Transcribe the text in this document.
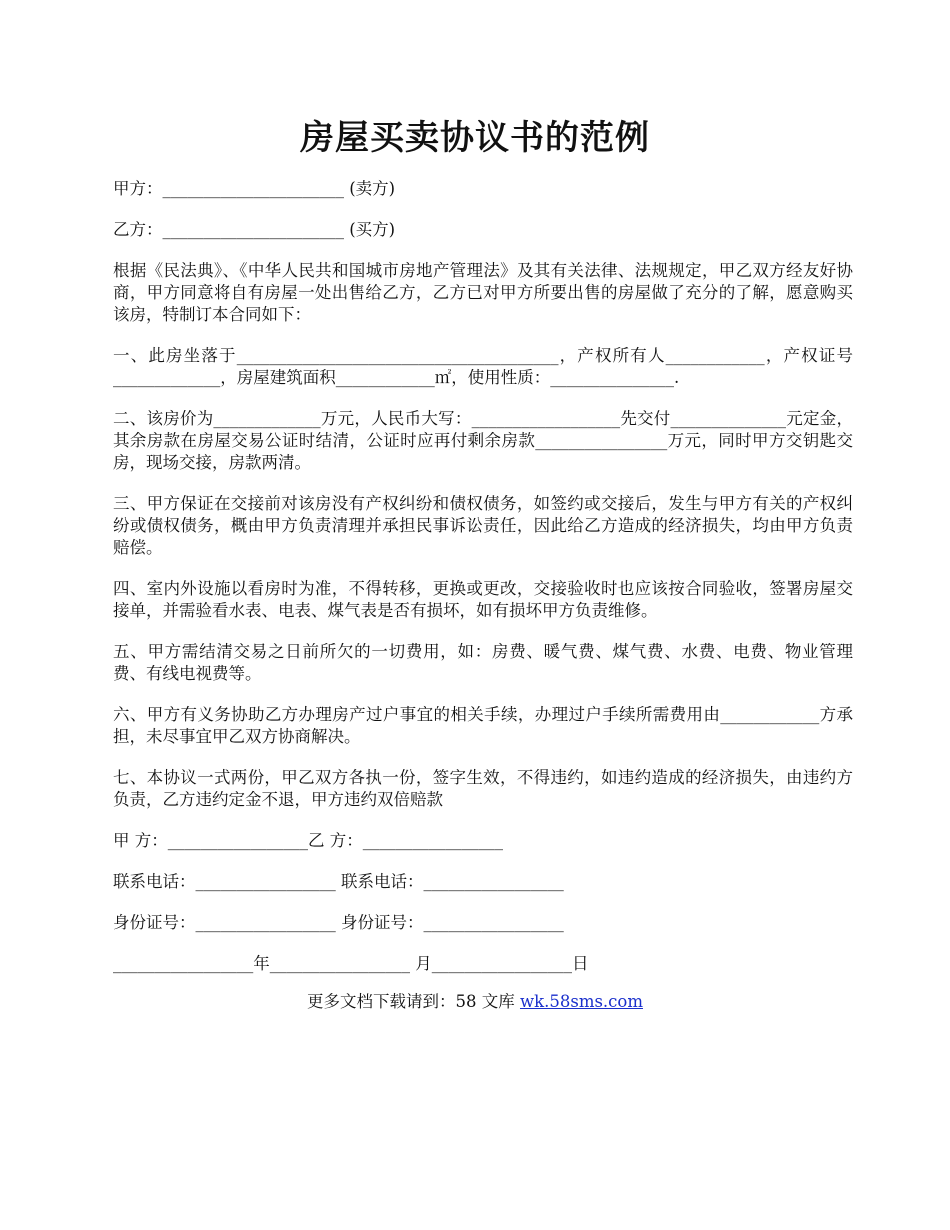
房屋买卖协议书的范例

甲方：______________________ (卖方)

乙方：______________________ (买方)

根据《民法典》、《中华人民共和国城市房地产管理法》及其有关法律、法规规定，甲乙双方经友好协商，甲方同意将自有房屋一处出售给乙方，乙方已对甲方所要出售的房屋做了充分的了解，愿意购买该房，特制订本合同如下：

一、此房坐落于_______________________________________，产权所有人____________，产权证号_____________，房屋建筑面积____________㎡，使用性质：_______________.

二、该房价为_____________万元，人民币大写：__________________先交付______________元定金，其余房款在房屋交易公证时结清，公证时应再付剩余房款________________万元，同时甲方交钥匙交房，现场交接，房款两清。

三、甲方保证在交接前对该房没有产权纠纷和债权债务，如签约或交接后，发生与甲方有关的产权纠纷或债权债务，概由甲方负责清理并承担民事诉讼责任，因此给乙方造成的经济损失，均由甲方负责赔偿。

四、室内外设施以看房时为准，不得转移，更换或更改，交接验收时也应该按合同验收，签署房屋交接单，并需验看水表、电表、煤气表是否有损坏，如有损坏甲方负责维修。

五、甲方需结清交易之日前所欠的一切费用，如：房费、暖气费、煤气费、水费、电费、物业管理费、有线电视费等。

六、甲方有义务协助乙方办理房产过户事宜的相关手续，办理过户手续所需费用由____________方承担，未尽事宜甲乙双方协商解决。

七、本协议一式两份，甲乙双方各执一份，签字生效，不得违约，如违约造成的经济损失，由违约方负责，乙方违约定金不退，甲方违约双倍赔款

甲 方：_________________乙 方：_________________

联系电话：_________________ 联系电话：_________________

身份证号：_________________ 身份证号：_________________

_________________年_________________ 月_________________日

更多文档下载请到：58 文库 wk.58sms.com
